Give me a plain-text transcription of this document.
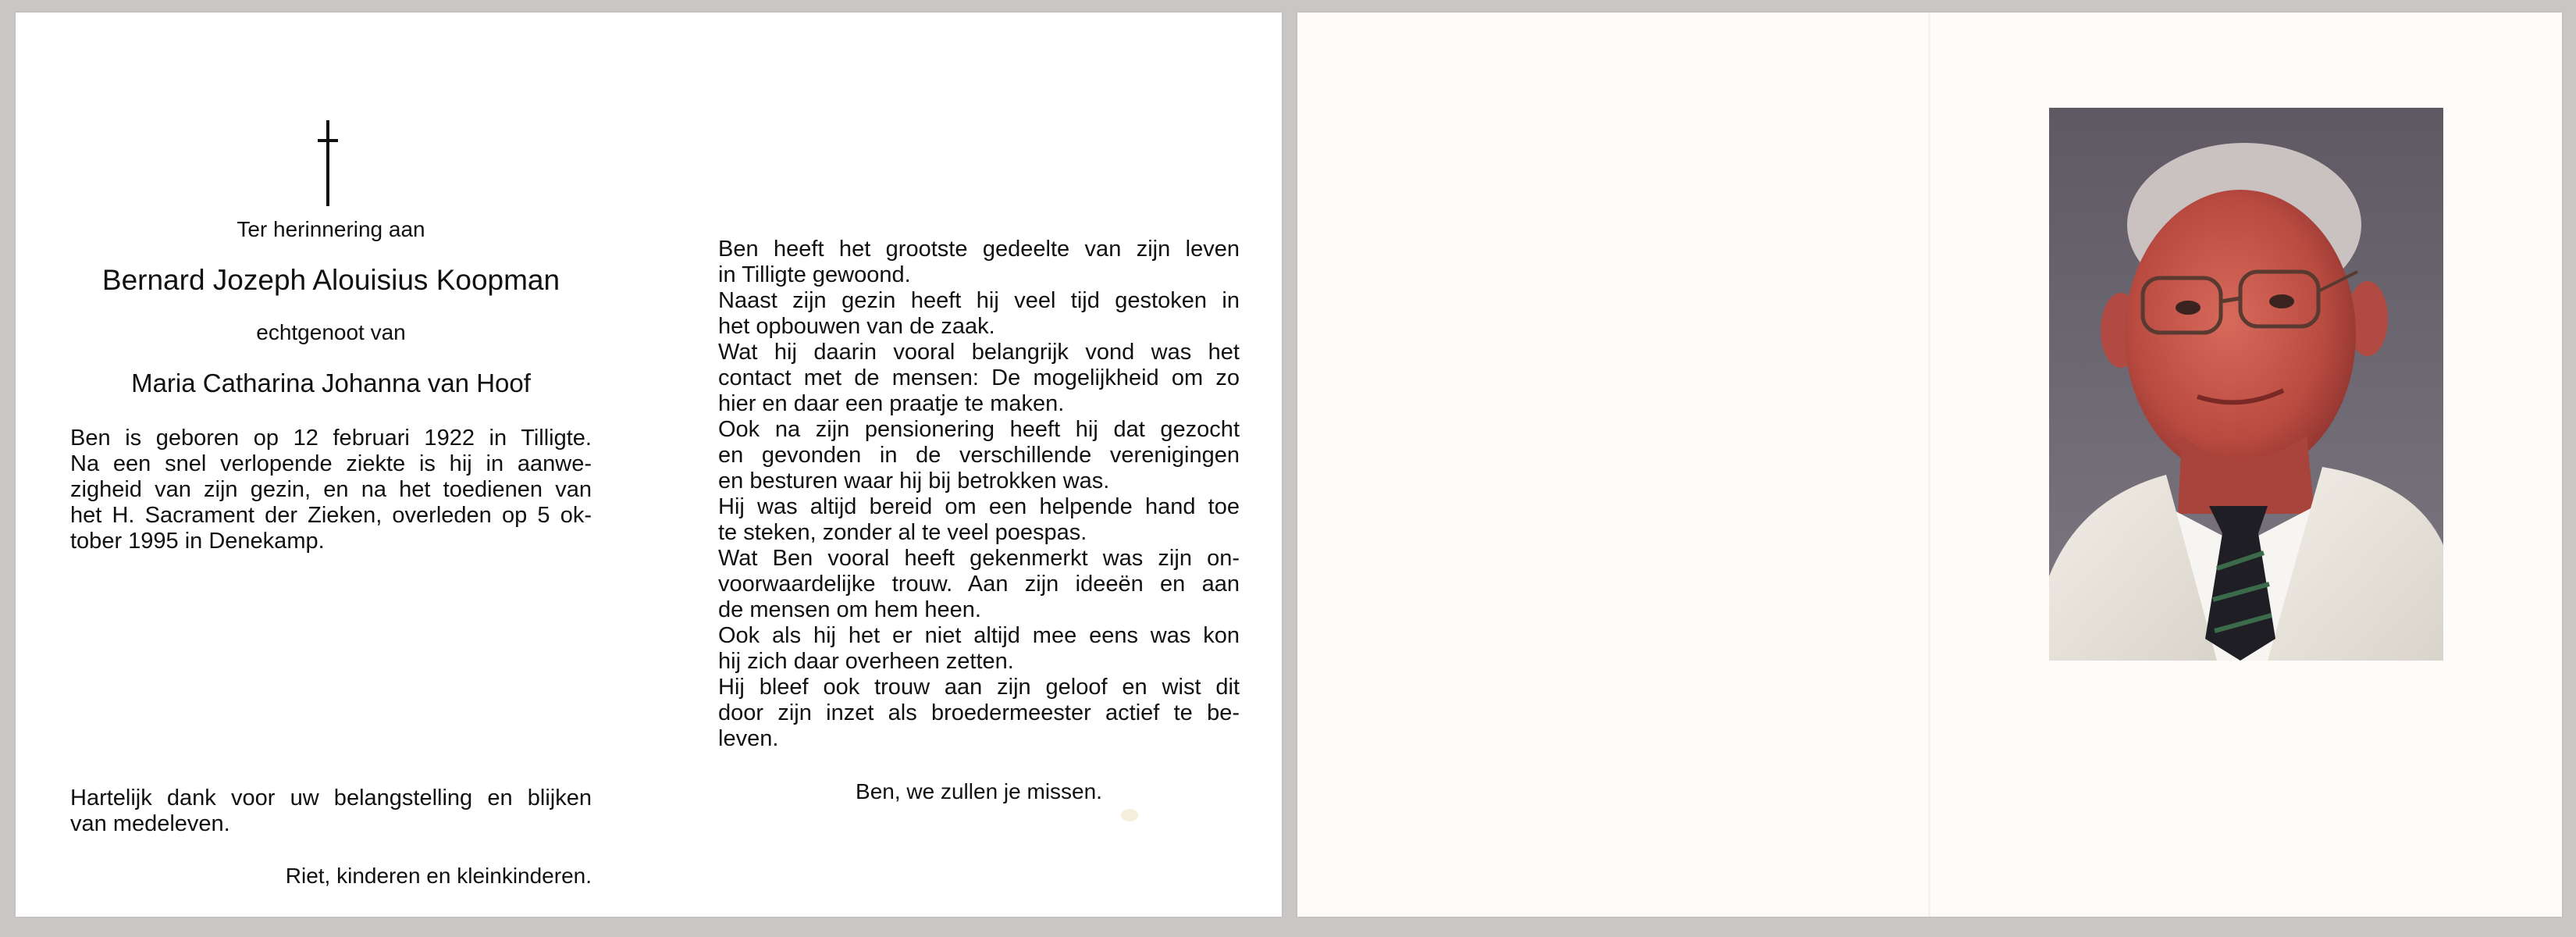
Ter herinnering aan
Bernard Jozeph Alouisius Koopman
echtgenoot van
Maria Catharina Johanna van Hoof
Ben is geboren op 12 februari 1922 in Tilligte.
Na een snel verlopende ziekte is hij in aanwe-
zigheid van zijn gezin, en na het toedienen van
het H. Sacrament der Zieken, overleden op 5 ok-
tober 1995 in Denekamp.
Hartelijk dank voor uw belangstelling en blijken
van medeleven.
Riet, kinderen en kleinkinderen.
Ben heeft het grootste gedeelte van zijn leven
in Tilligte gewoond.
Naast zijn gezin heeft hij veel tijd gestoken in
het opbouwen van de zaak.
Wat hij daarin vooral belangrijk vond was het
contact met de mensen: De mogelijkheid om zo
hier en daar een praatje te maken.
Ook na zijn pensionering heeft hij dat gezocht
en gevonden in de verschillende verenigingen
en besturen waar hij bij betrokken was.
Hij was altijd bereid om een helpende hand toe
te steken, zonder al te veel poespas.
Wat Ben vooral heeft gekenmerkt was zijn on-
voorwaardelijke trouw. Aan zijn ideeën en aan
de mensen om hem heen.
Ook als hij het er niet altijd mee eens was kon
hij zich daar overheen zetten.
Hij bleef ook trouw aan zijn geloof en wist dit
door zijn inzet als broedermeester actief te be-
leven.
Ben, we zullen je missen.
